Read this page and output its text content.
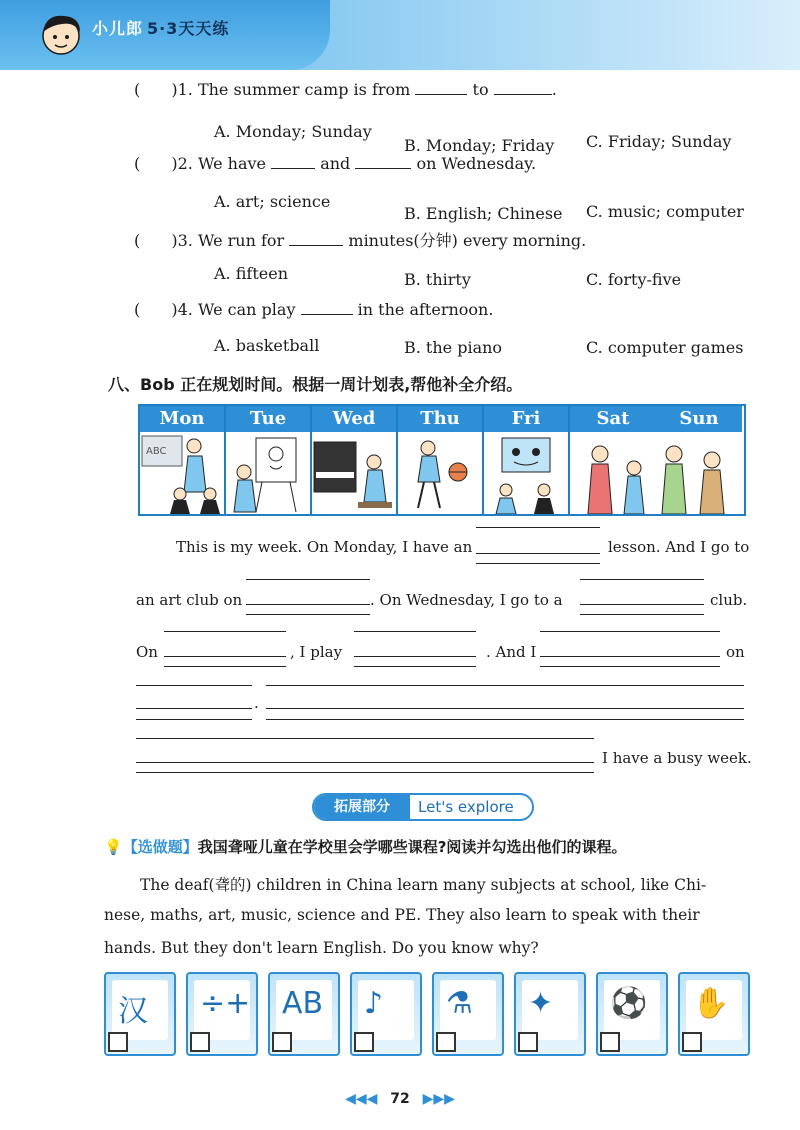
小儿郎 5·3天天练
( )1. The summer camp is from	to	.
A. Monday; Sunday
B. Monday; Friday C. Friday; Sunday
( )2. We have	and	on Wednesday.
A. art; science
B. English; Chinese C. music; computer
( )3. We run for	minutes(分钟) every morning.
A. fifteen	B. thirty	C. forty-five
( )4. We can play	in the afternoon.
A. basketball	B. the piano	C. computer games
八、Bob 正在规划时间。根据一周计划表,帮他补全介绍。
Mon	Tue	Wed	Thu	Fri	Sat	Sun
ABC
This is my week. On Monday, I have an	lesson. And I go to
an art club on	. On Wednesday, I go to a	club.
On	, I play	. And I	on
.
I have a busy week.
拓展部分	Let's explore
💡【选做题】我国聋哑儿童在学校里会学哪些课程?阅读并勾选出他们的课程。
The deaf(聋的) children in China learn many subjects at school, like Chi-
nese, maths, art, music, science and PE. They also learn to speak with their
hands. But they don't learn English. Do you know why?
汉 ÷+ AB ♪ ⚗ ✦ ⚽ ✋
◀◀◀ 72 ▶▶▶
